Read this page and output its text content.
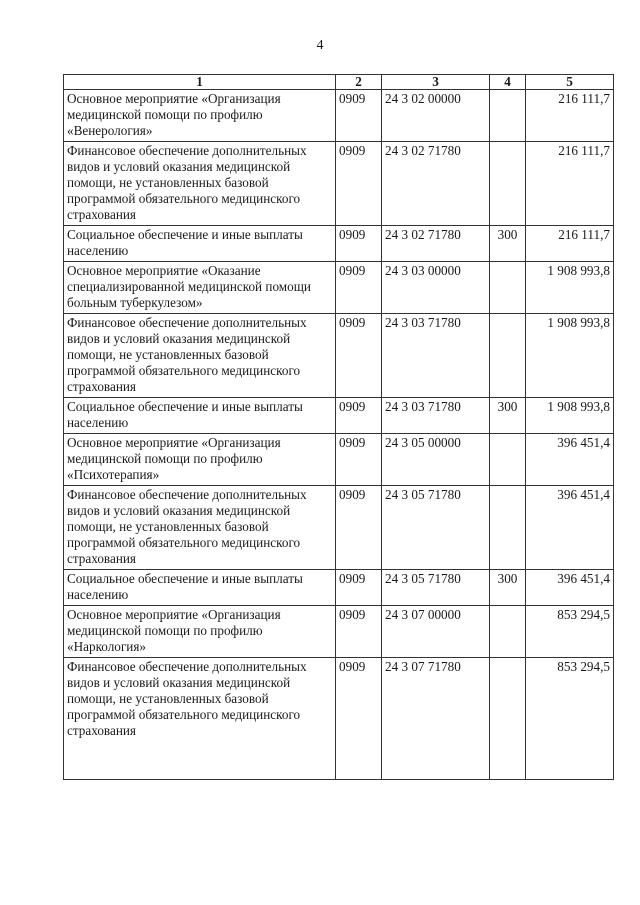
4
1	2	3	4	5
Основное мероприятие «Организация медицинской помощи по профилю «Венерология»	0909	24 3 02 00000		216 111,7
Финансовое обеспечение дополнительных видов и условий оказания медицинской помощи, не установленных базовой программой обязательного медицинского страхования	0909	24 3 02 71780		216 111,7
Социальное обеспечение и иные выплаты населению	0909	24 3 02 71780	300	216 111,7
Основное мероприятие «Оказание специализированной медицинской помощи больным туберкулезом»	0909	24 3 03 00000		1 908 993,8
Финансовое обеспечение дополнительных видов и условий оказания медицинской помощи, не установленных базовой программой обязательного медицинского страхования	0909	24 3 03 71780		1 908 993,8
Социальное обеспечение и иные выплаты населению	0909	24 3 03 71780	300	1 908 993,8
Основное мероприятие «Организация медицинской помощи по профилю «Психотерапия»	0909	24 3 05 00000		396 451,4
Финансовое обеспечение дополнительных видов и условий оказания медицинской помощи, не установленных базовой программой обязательного медицинского страхования	0909	24 3 05 71780		396 451,4
Социальное обеспечение и иные выплаты населению	0909	24 3 05 71780	300	396 451,4
Основное мероприятие «Организация медицинской помощи по профилю «Наркология»	0909	24 3 07 00000		853 294,5
Финансовое обеспечение дополнительных видов и условий оказания медицинской помощи, не установленных базовой программой обязательного медицинского страхования	0909	24 3 07 71780		853 294,5
